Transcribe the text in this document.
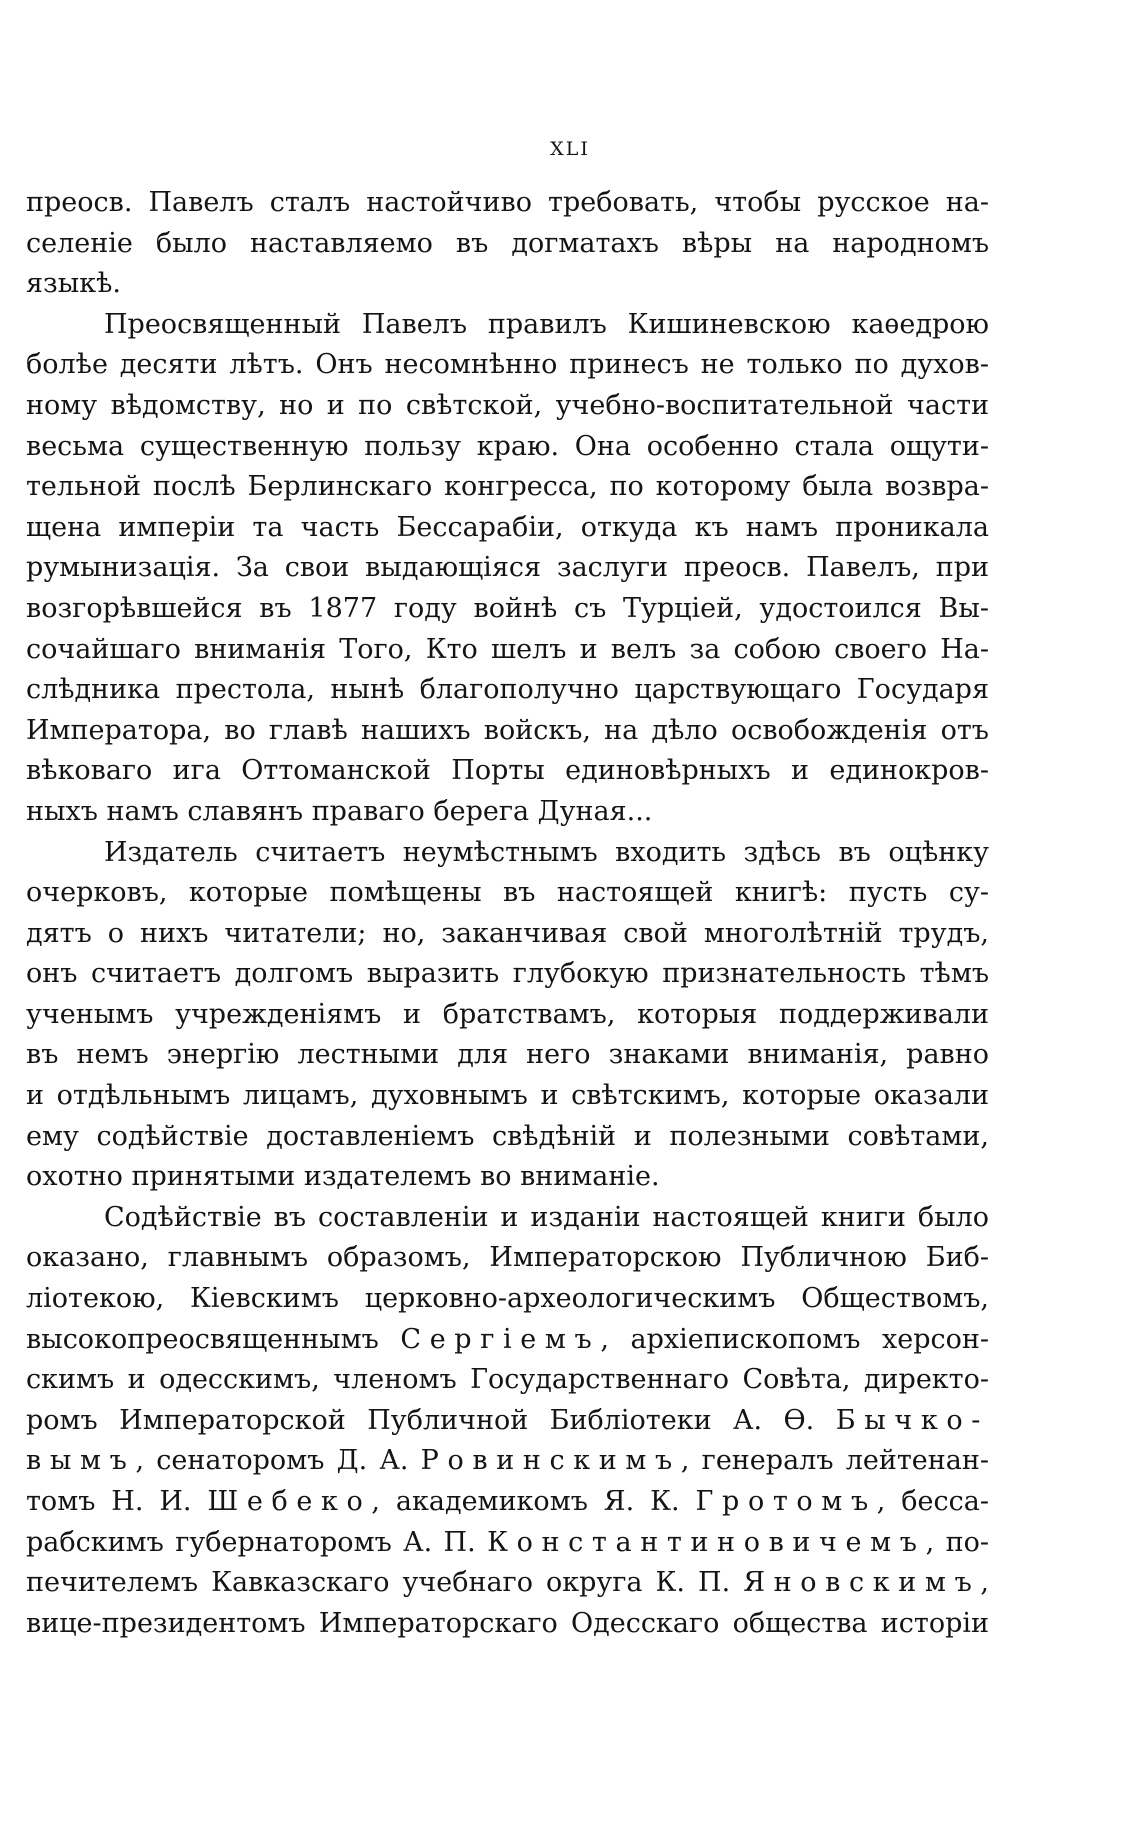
XLI
преосв. Павелъ сталъ настойчиво требовать, чтобы русское на-
селеніе было наставляемо въ догматахъ вѣры на народномъ
языкѣ.
Преосвященный Павелъ правилъ Кишиневскою каѳедрою
болѣе десяти лѣтъ. Онъ несомнѣнно принесъ не только по духов-
ному вѣдомству, но и по свѣтской, учебно-воспитательной части
весьма существенную пользу краю. Она особенно стала ощути-
тельной послѣ Берлинскаго конгресса, по которому была возвра-
щена имперіи та часть Бессарабіи, откуда къ намъ проникала
румынизація. За свои выдающіяся заслуги преосв. Павелъ, при
возгорѣвшейся въ 1877 году войнѣ съ Турціей, удостоился Вы-
сочайшаго вниманія Того, Кто шелъ и велъ за собою своего На-
слѣдника престола, нынѣ благополучно царствующаго Государя
Императора, во главѣ нашихъ войскъ, на дѣло освобожденія отъ
вѣковаго ига Оттоманской Порты единовѣрныхъ и единокров-
ныхъ намъ славянъ праваго берега Дуная...
Издатель считаетъ неумѣстнымъ входить здѣсь въ оцѣнку
очерковъ, которые помѣщены въ настоящей книгѣ: пусть су-
дятъ о нихъ читатели; но, заканчивая свой многолѣтній трудъ,
онъ считаетъ долгомъ выразить глубокую признательность тѣмъ
ученымъ учрежденіямъ и братствамъ, которыя поддерживали
въ немъ энергію лестными для него знаками вниманія, равно
и отдѣльнымъ лицамъ, духовнымъ и свѣтскимъ, которые оказали
ему содѣйствіе доставленіемъ свѣдѣній и полезными совѣтами,
охотно принятыми издателемъ во вниманіе.
Содѣйствіе въ составленіи и изданіи настоящей книги было
оказано, главнымъ образомъ, Императорскою Публичною Биб-
ліотекою, Кіевскимъ церковно-археологическимъ Обществомъ,
высокопреосвященнымъ Сергіемъ, архіепископомъ херсон-
скимъ и одесскимъ, членомъ Государственнаго Совѣта, директо-
ромъ Императорской Публичной Библіотеки А. Ѳ. Бычко-
вымъ, сенаторомъ Д. А. Ровинскимъ, генералъ лейтенан-
томъ Н. И. Шебеко, академикомъ Я. К. Гротомъ, бесса-
рабскимъ губернаторомъ А. П. Константиновичемъ, по-
печителемъ Кавказскаго учебнаго округа К. П. Яновскимъ,
вице-президентомъ Императорскаго Одесскаго общества исторіи
